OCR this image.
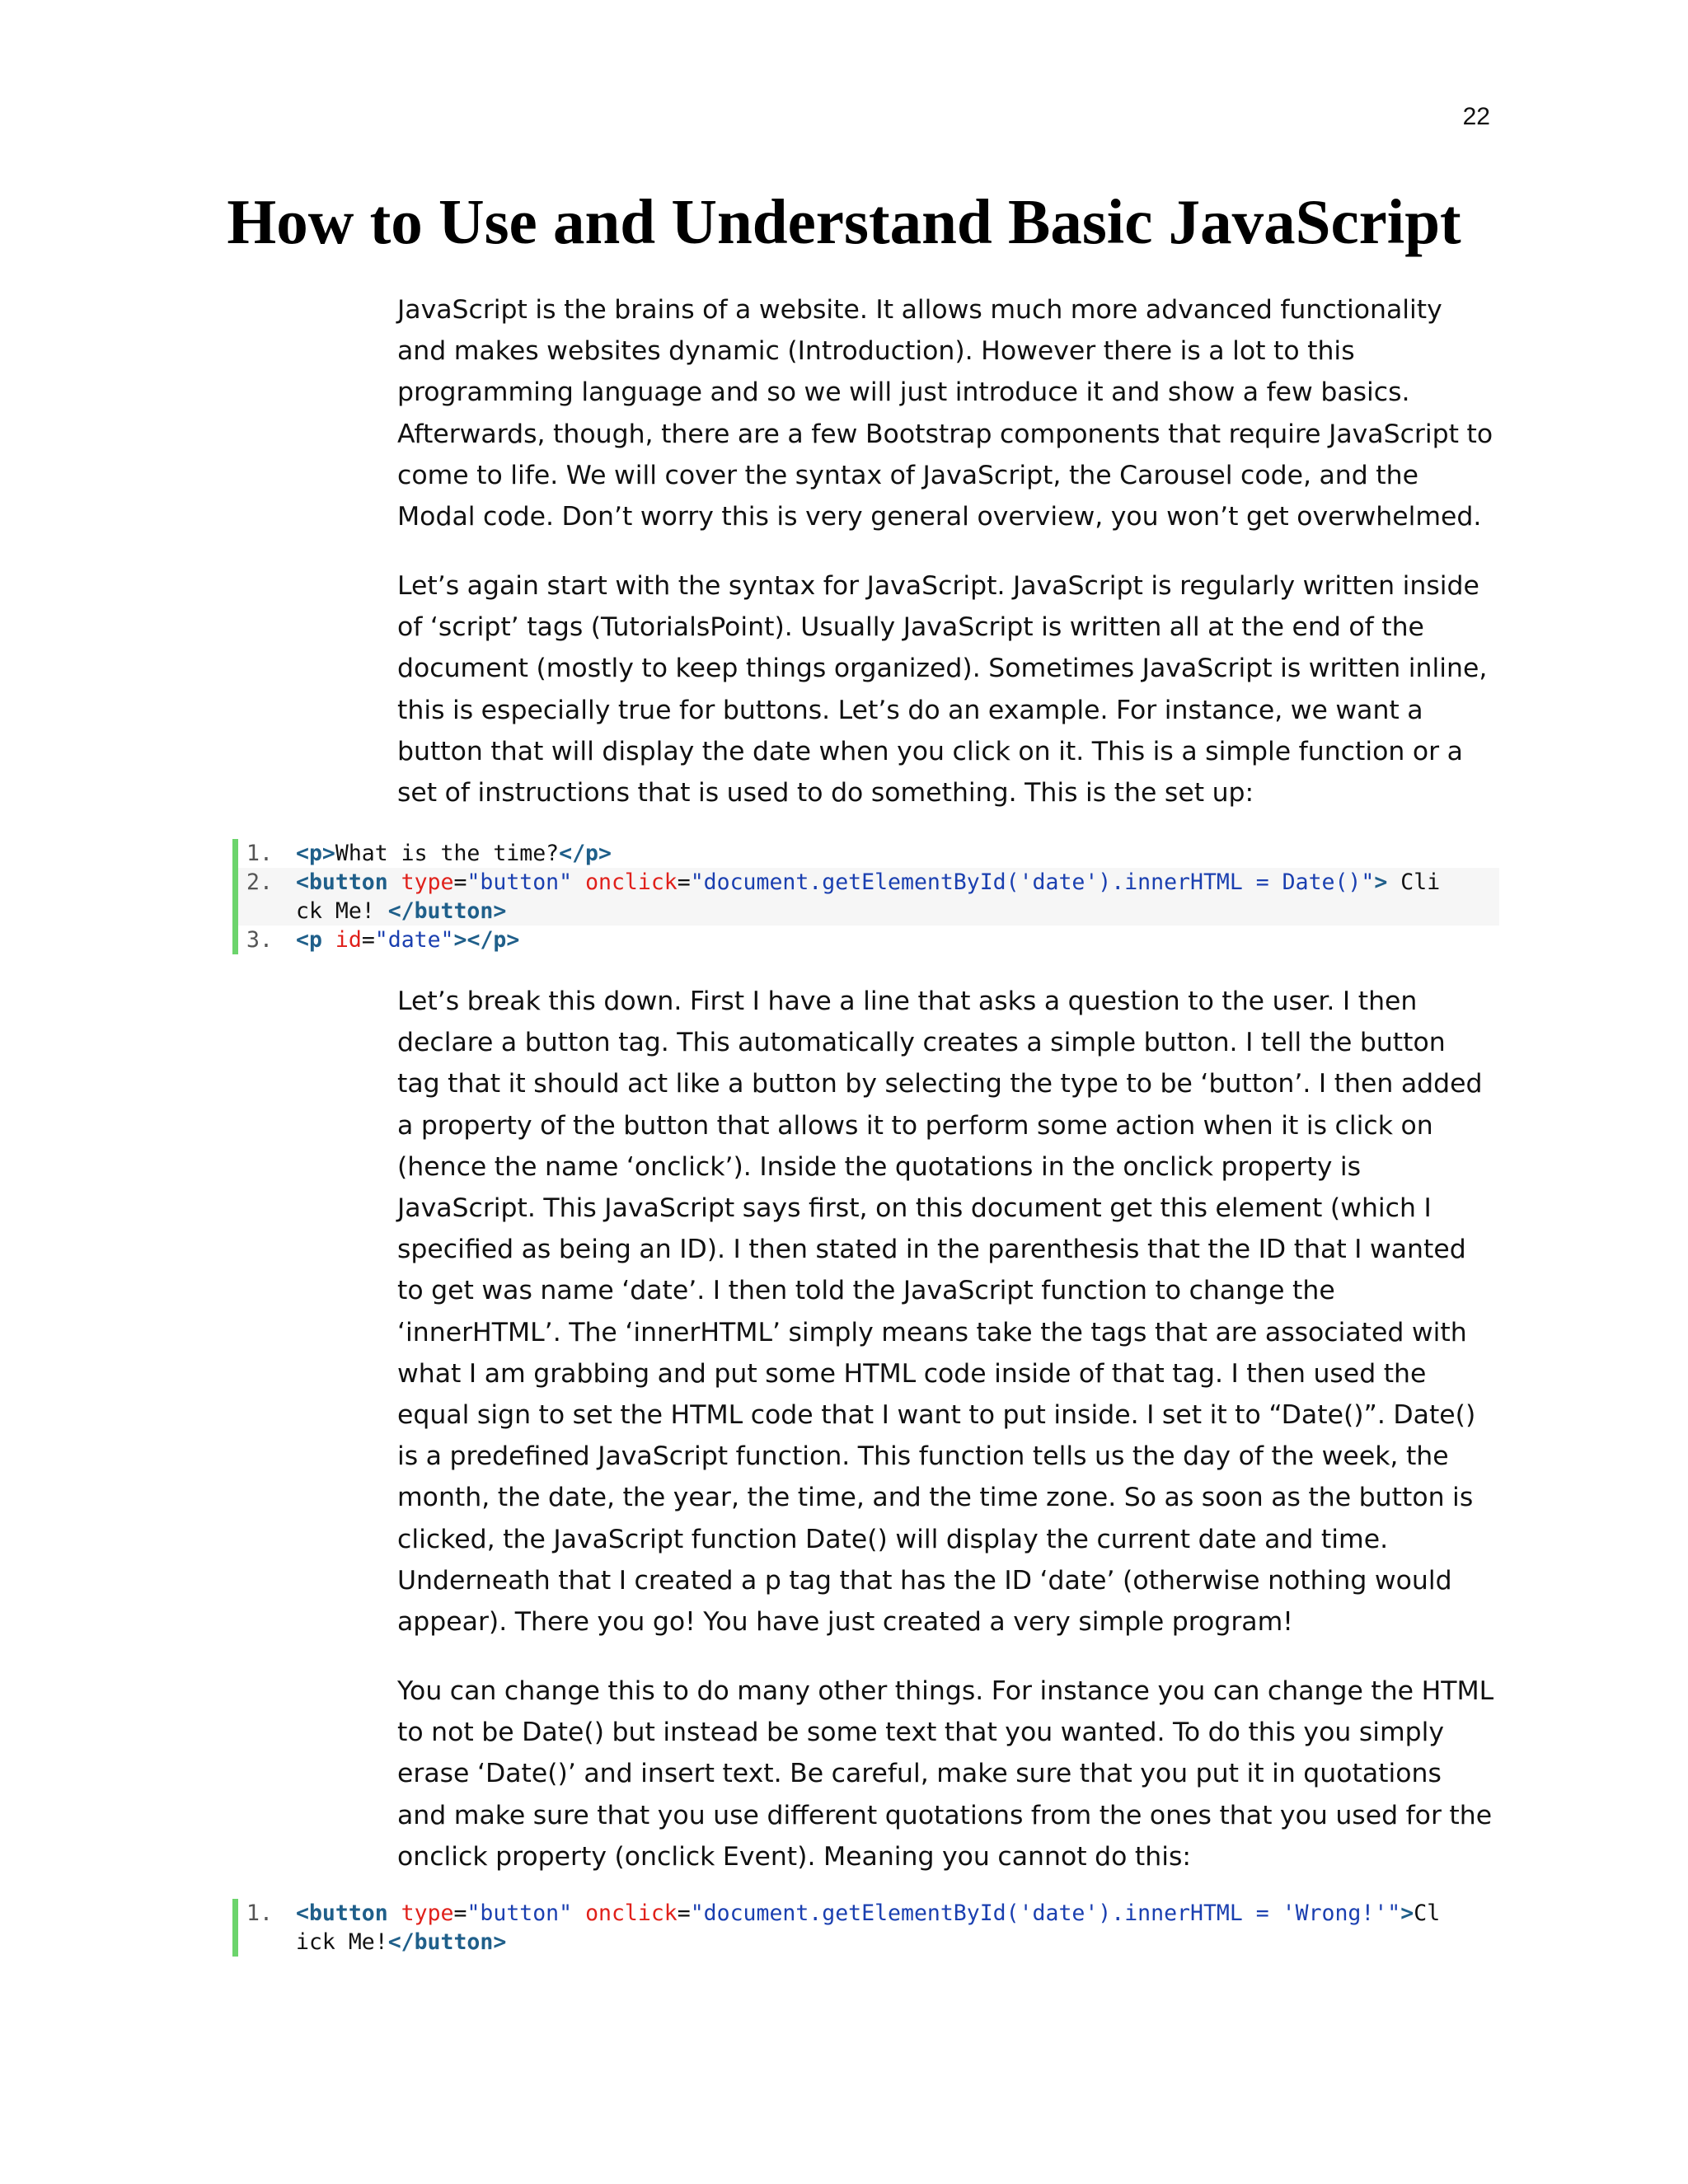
22
How to Use and Understand Basic JavaScript

JavaScript is the brains of a website. It allows much more advanced functionality and makes websites dynamic (Introduction). However there is a lot to this programming language and so we will just introduce it and show a few basics. Afterwards, though, there are a few Bootstrap components that require JavaScript to come to life. We will cover the syntax of JavaScript, the Carousel code, and the Modal code. Don’t worry this is very general overview, you won’t get overwhelmed.

Let’s again start with the syntax for JavaScript. JavaScript is regularly written inside of ‘script’ tags (TutorialsPoint). Usually JavaScript is written all at the end of the document (mostly to keep things organized). Sometimes JavaScript is written inline, this is especially true for buttons. Let’s do an example. For instance, we want a button that will display the date when you click on it. This is a simple function or a set of instructions that is used to do something. This is the set up:

1.	<p>What is the time?</p>
2.	<button type="button" onclick="document.getElementById('date').innerHTML = Date()"> Cli
ck Me! </button>
3.	<p id="date"></p>

Let’s break this down. First I have a line that asks a question to the user. I then declare a button tag. This automatically creates a simple button. I tell the button tag that it should act like a button by selecting the type to be ‘button’. I then added a property of the button that allows it to perform some action when it is click on (hence the name ‘onclick’). Inside the quotations in the onclick property is JavaScript. This JavaScript says first, on this document get this element (which I specified as being an ID). I then stated in the parenthesis that the ID that I wanted to get was name ‘date’. I then told the JavaScript function to change the ‘innerHTML’. The ‘innerHTML’ simply means take the tags that are associated with what I am grabbing and put some HTML code inside of that tag. I then used the equal sign to set the HTML code that I want to put inside. I set it to “Date()”. Date() is a predefined JavaScript function. This function tells us the day of the week, the month, the date, the year, the time, and the time zone. So as soon as the button is clicked, the JavaScript function Date() will display the current date and time. Underneath that I created a p tag that has the ID ‘date’ (otherwise nothing would appear). There you go! You have just created a very simple program!

You can change this to do many other things. For instance you can change the HTML to not be Date() but instead be some text that you wanted. To do this you simply erase ‘Date()’ and insert text. Be careful, make sure that you put it in quotations and make sure that you use different quotations from the ones that you used for the onclick property (onclick Event). Meaning you cannot do this:

1.	<button type="button" onclick="document.getElementById('date').innerHTML = 'Wrong!'">Cl
ick Me!</button>
